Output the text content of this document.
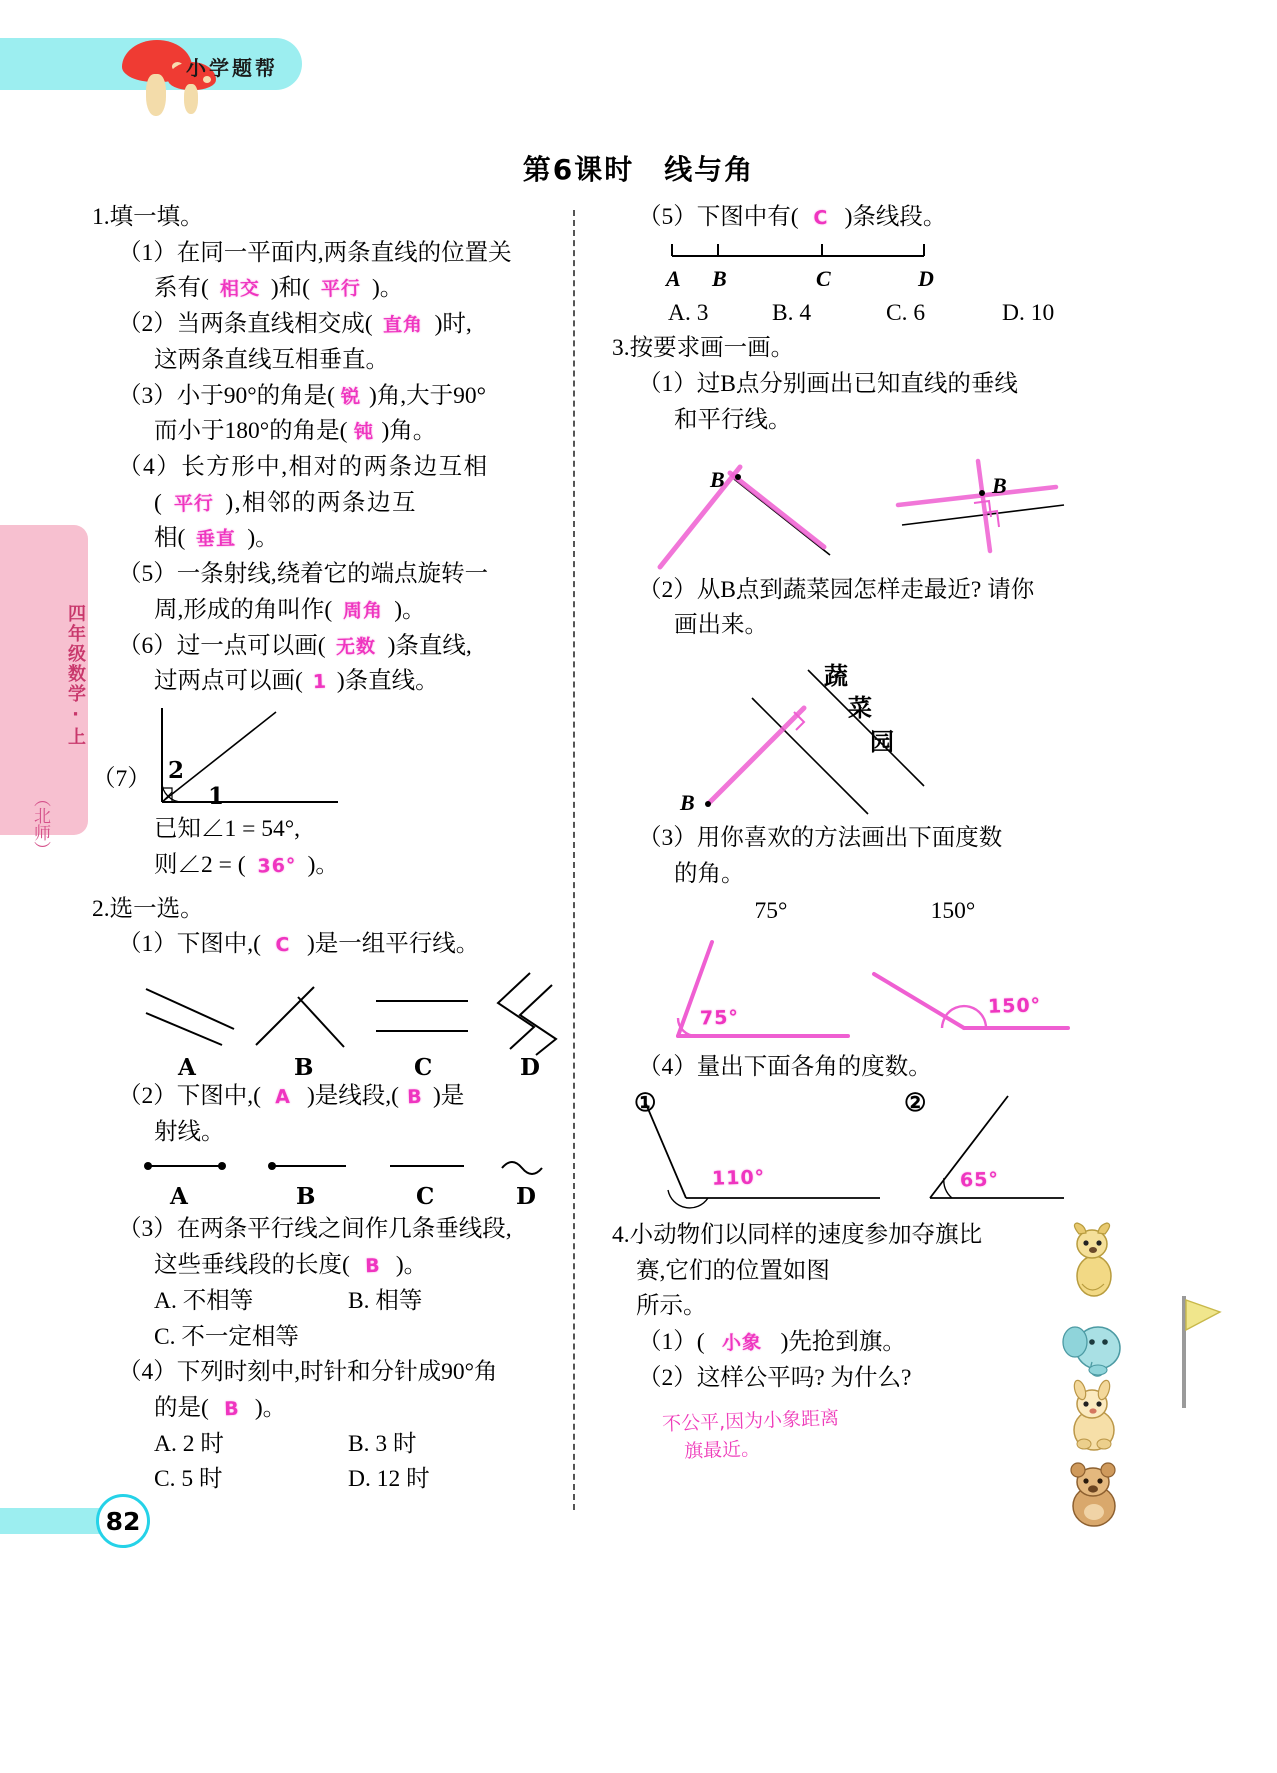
小学题帮
四年级数学·上
（北师）
第6课时　线与角
1.填一填。
（1）在同一平面内,两条直线的位置关
系有( 相交 )和( 平行 )。
（2）当两条直线相交成( 直角 )时,
这两条直线互相垂直。
（3）小于90°的角是( 锐 )角,大于90°
而小于180°的角是( 钝 )角。
（4）长方形中,相对的两条边互相
( 平行 ),相邻的两条边互
相( 垂直 )。
（5）一条射线,绕着它的端点旋转一
周,形成的角叫作( 周角 )。
（6）过一点可以画( 无数 )条直线,
过两点可以画( 1 )条直线。
（7） 2
1
已知∠1 = 54°,
则∠2 = ( 36° )。
2.选一选。
（1）下图中,( C )是一组平行线。
A	B	C	D
（2）下图中,( A )是线段,( B )是
射线。
A	B	C	D
（3）在两条平行线之间作几条垂线段,
这些垂线段的长度( B )。
A. 不相等	B. 相等
C. 不一定相等
（4）下列时刻中,时针和分针成90°角
的是( B )。
A. 2 时	B. 3 时
C. 5 时	D. 12 时
（5）下图中有( C )条线段。
A B	C	D
A. 3	B. 4	C. 6	D. 10
3.按要求画一画。
（1）过B点分别画出已知直线的垂线
和平行线。
B	B
（2）从B点到蔬菜园怎样走最近? 请你
画出来。
蔬
菜
园
B
（3）用你喜欢的方法画出下面度数
的角。
75°	150°
75°
150°
（4）量出下面各角的度数。
①	②
110°	65°
4.小动物们以同样的速度参加夺旗比
赛,它们的位置如图
所示。
（1）( 小象 )先抢到旗。
（2）这样公平吗? 为什么?
不公平,因为小象距离
旗最近。
82
